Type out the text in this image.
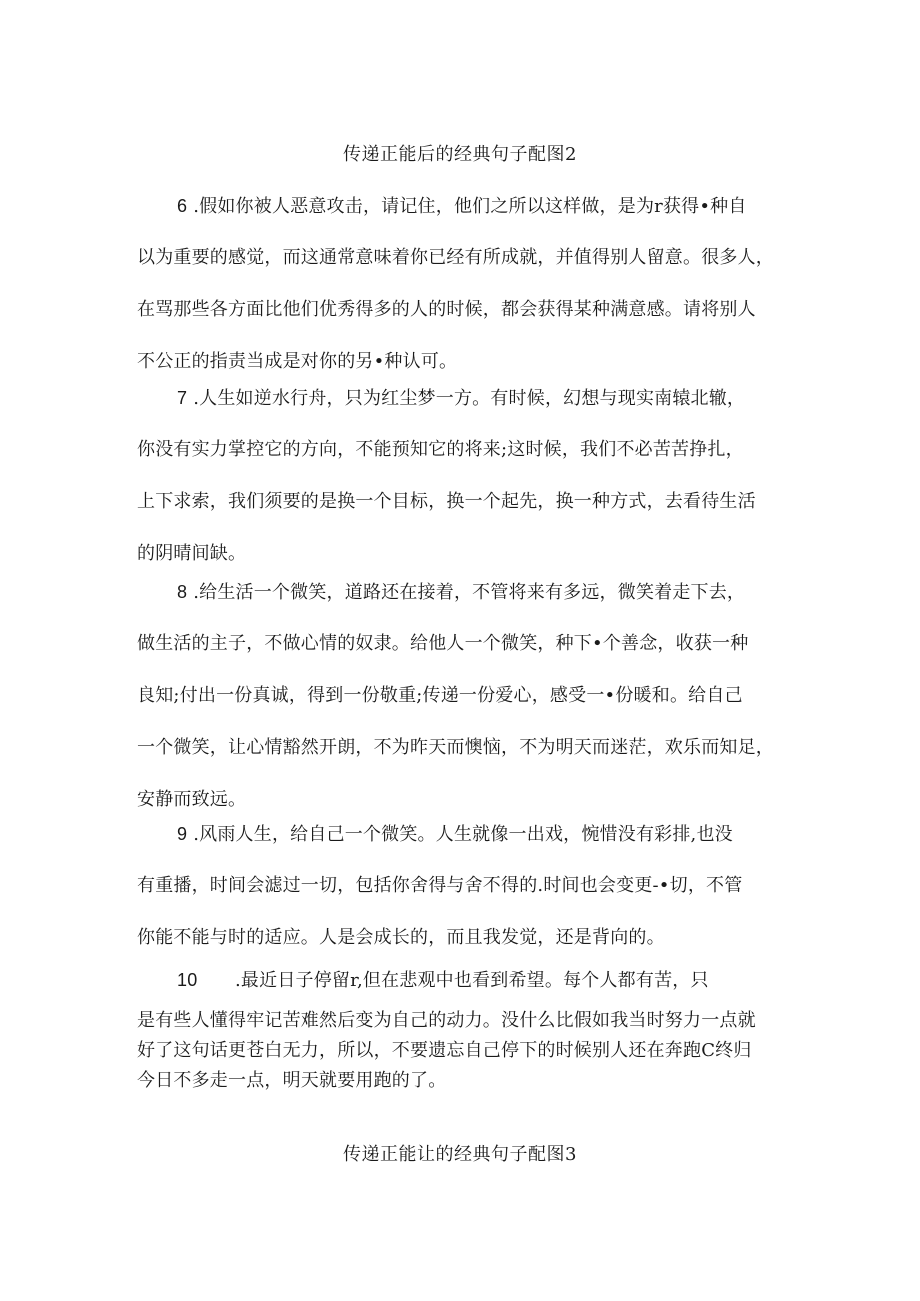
传递正能后的经典句子配图2
6 .假如你被人恶意攻击，请记住，他们之所以这样做，是为r获得•种自
以为重要的感觉，而这通常意味着你已经有所成就，并值得别人留意。很多人，
在骂那些各方面比他们优秀得多的人的时候，都会获得某种满意感。请将别人
不公正的指责当成是对你的另•种认可。
7 .人生如逆水行舟，只为红尘梦一方。有时候，幻想与现实南辕北辙，
你没有实力掌控它的方向，不能预知它的将来;这时候，我们不必苦苦挣扎，
上下求索，我们须要的是换一个目标，换一个起先，换一种方式，去看待生活
的阴晴间缺。
8 .给生活一个微笑，道路还在接着，不管将来有多远，微笑着走下去，
做生活的主子，不做心情的奴隶。给他人一个微笑，种下•个善念，收获一种
良知;付出一份真诚，得到一份敬重;传递一份爱心，感受一•份暖和。给自己
一个微笑，让心情豁然开朗，不为昨天而懊恼，不为明天而迷茫，欢乐而知足，
安静而致远。
9 .风雨人生，给自己一个微笑。人生就像一出戏，惋惜没有彩排,也没
有重播，时间会滤过一切，包括你舍得与舍不得的.时间也会变更-•切，不管
你能不能与时的适应。人是会成长的，而且我发觉，还是背向的。
10 .最近日子停留r,但在悲观中也看到希望。每个人都有苦，只
是有些人懂得牢记苦难然后变为自己的动力。没什么比假如我当时努力一点就
好了这句话更苍白无力，所以，不要遗忘自己停下的时候别人还在奔跑C终归
今日不多走一点，明天就要用跑的了。
传递正能让的经典句子配图3
